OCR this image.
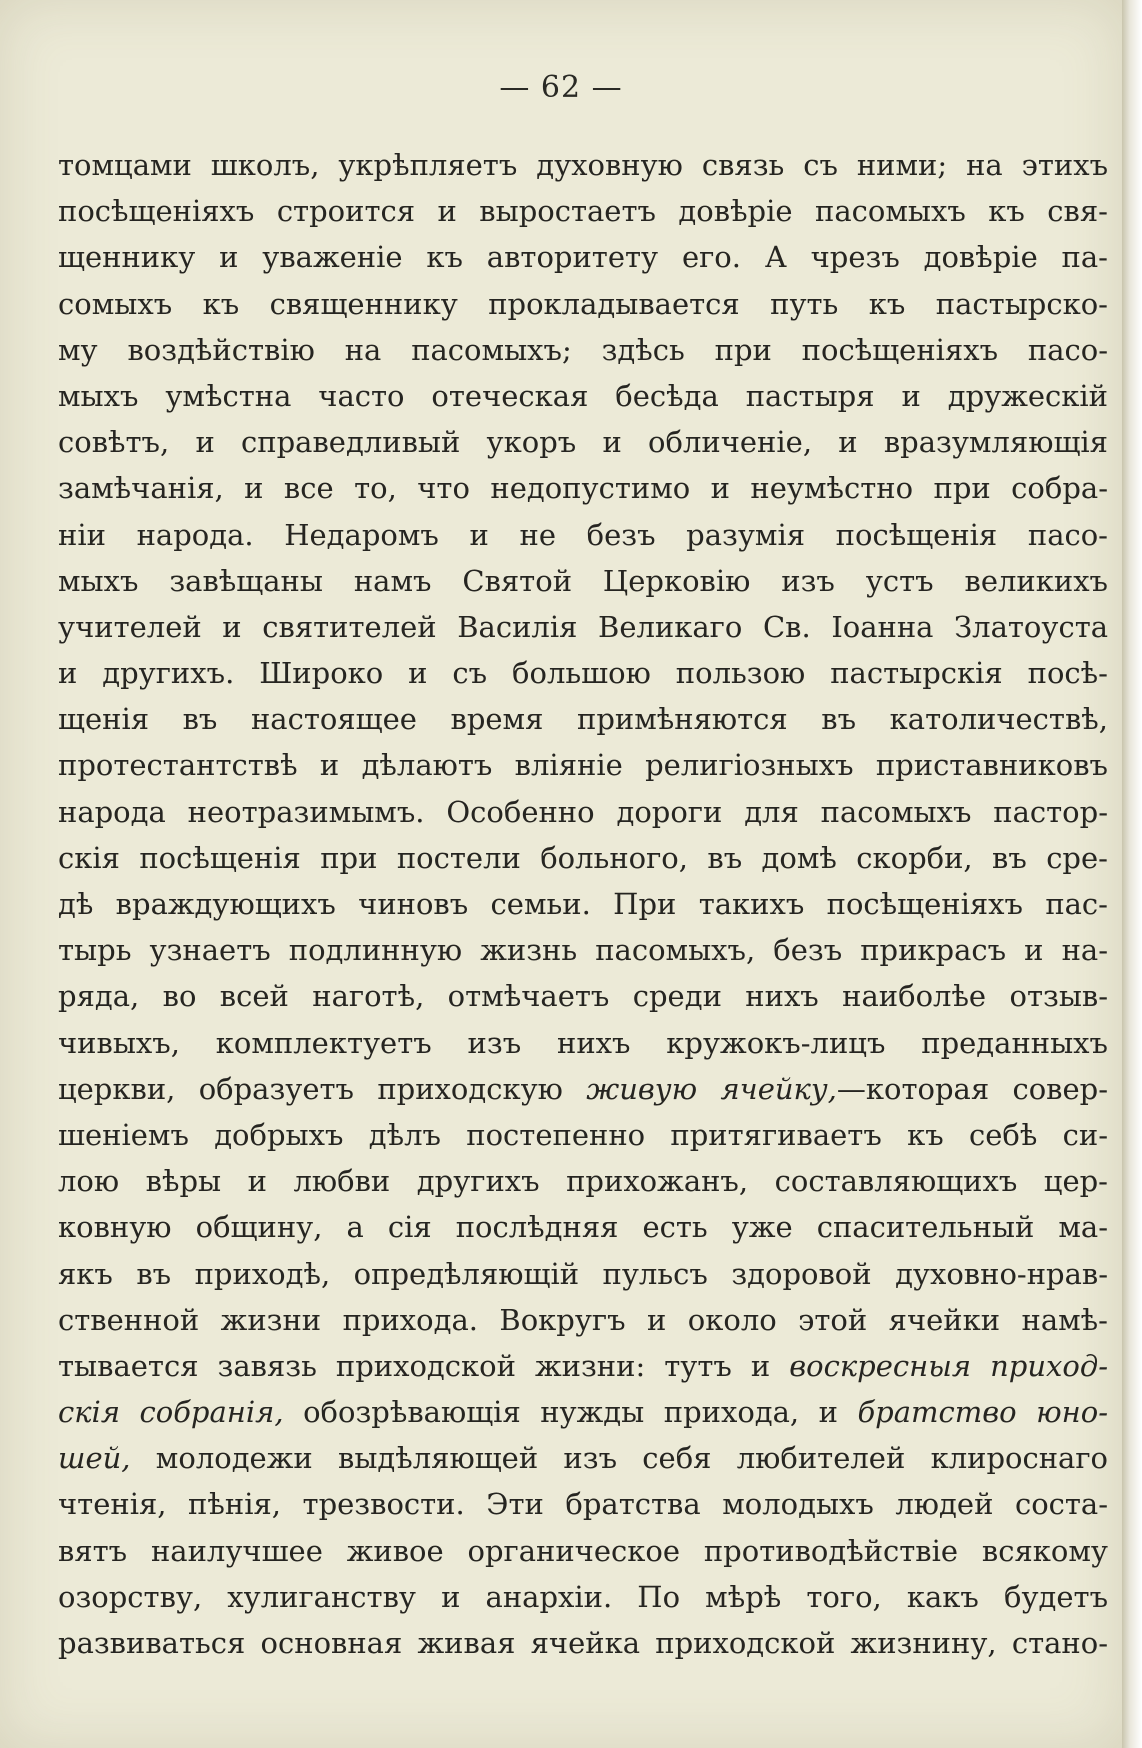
— 62 —
томцами школъ, укрѣпляетъ духовную связь съ ними; на этихъ
посѣщеніяхъ строится и выростаетъ довѣріе пасомыхъ къ свя-
щеннику и уваженіе къ авторитету его. А чрезъ довѣріе па-
сомыхъ къ священнику прокладывается путь къ пастырско-
му воздѣйствію на пасомыхъ; здѣсь при посѣщеніяхъ пасо-
мыхъ умѣстна часто отеческая бесѣда пастыря и дружескій
совѣтъ, и справедливый укоръ и обличеніе, и вразумляющія
замѣчанія, и все то, что недопустимо и неумѣстно при собра-
ніи народа. Недаромъ и не безъ разумія посѣщенія пасо-
мыхъ завѣщаны намъ Святой Церковію изъ устъ великихъ
учителей и святителей Василія Великаго Св. Іоанна Златоуста
и другихъ. Широко и съ большою пользою пастырскія посѣ-
щенія въ настоящее время примѣняются въ католичествѣ,
протестантствѣ и дѣлаютъ вліяніе религіозныхъ приставниковъ
народа неотразимымъ. Особенно дороги для пасомыхъ пастор-
скія посѣщенія при постели больного, въ домѣ скорби, въ сре-
дѣ враждующихъ чиновъ семьи. При такихъ посѣщеніяхъ пас-
тырь узнаетъ подлинную жизнь пасомыхъ, безъ прикрасъ и на-
ряда, во всей наготѣ, отмѣчаетъ среди нихъ наиболѣе отзыв-
чивыхъ, комплектуетъ изъ нихъ кружокъ-лицъ преданныхъ
церкви, образуетъ приходскую живую ячейку,—которая совер-
шеніемъ добрыхъ дѣлъ постепенно притягиваетъ къ себѣ си-
лою вѣры и любви другихъ прихожанъ, составляющихъ цер-
ковную общину, а сія послѣдняя есть уже спасительный ма-
якъ въ приходѣ, опредѣляющій пульсъ здоровой духовно-нрав-
ственной жизни прихода. Вокругъ и около этой ячейки намѣ-
тывается завязь приходской жизни: тутъ и воскресныя приход-
скія собранія, обозрѣвающія нужды прихода, и братство юно-
шей, молодежи выдѣляющей изъ себя любителей клироснаго
чтенія, пѣнія, трезвости. Эти братства молодыхъ людей соста-
вятъ наилучшее живое органическое противодѣйствіе всякому
озорству, хулиганству и анархіи. По мѣрѣ того, какъ будетъ
развиваться основная живая ячейка приходской жизнину, стано-
